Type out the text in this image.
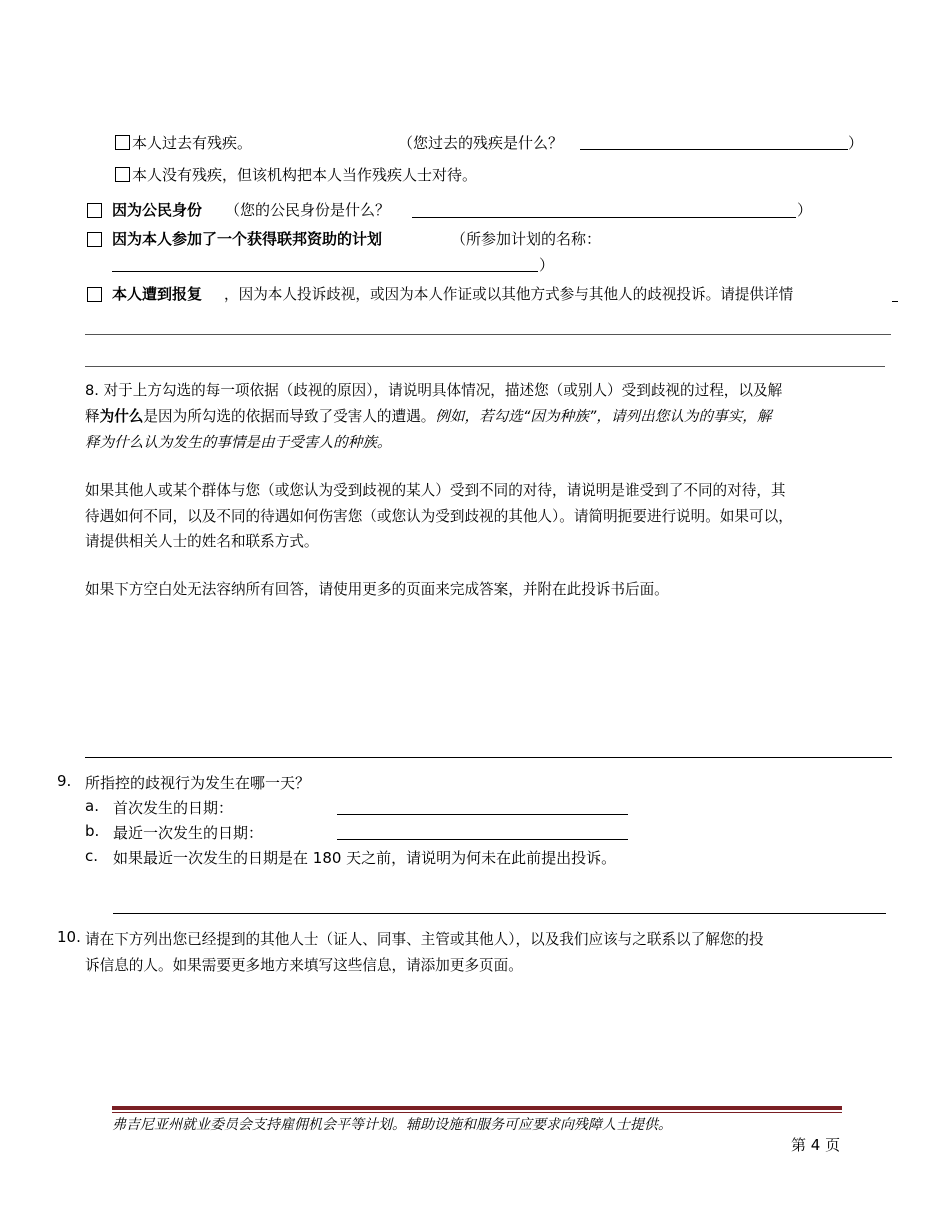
本人过去有残疾。	（您过去的残疾是什么？	）
本人没有残疾，但该机构把本人当作残疾人士对待。
因为公民身份 （您的公民身份是什么？	）
因为本人参加了一个获得联邦资助的计划	（所参加计划的名称：
）
本人遭到报复 ，因为本人投诉歧视，或因为本人作证或以其他方式参与其他人的歧视投诉。请提供详情
8. 对于上方勾选的每一项依据（歧视的原因），请说明具体情况，描述您（或别人）受到歧视的过程，以及解
释为什么是因为所勾选的依据而导致了受害人的遭遇。例如，若勾选“因为种族”，请列出您认为的事实，解
释为什么认为发生的事情是由于受害人的种族。
如果其他人或某个群体与您（或您认为受到歧视的某人）受到不同的对待，请说明是谁受到了不同的对待，其
待遇如何不同，以及不同的待遇如何伤害您（或您认为受到歧视的其他人）。请简明扼要进行说明。如果可以，
请提供相关人士的姓名和联系方式。
如果下方空白处无法容纳所有回答，请使用更多的页面来完成答案，并附在此投诉书后面。
9. 所指控的歧视行为发生在哪一天？
a. 首次发生的日期：
b. 最近一次发生的日期：
c. 如果最近一次发生的日期是在 180 天之前，请说明为何未在此前提出投诉。
10. 请在下方列出您已经提到的其他人士（证人、同事、主管或其他人），以及我们应该与之联系以了解您的投
诉信息的人。如果需要更多地方来填写这些信息，请添加更多页面。
弗吉尼亚州就业委员会支持雇佣机会平等计划。辅助设施和服务可应要求向残障人士提供。
第 4 页
